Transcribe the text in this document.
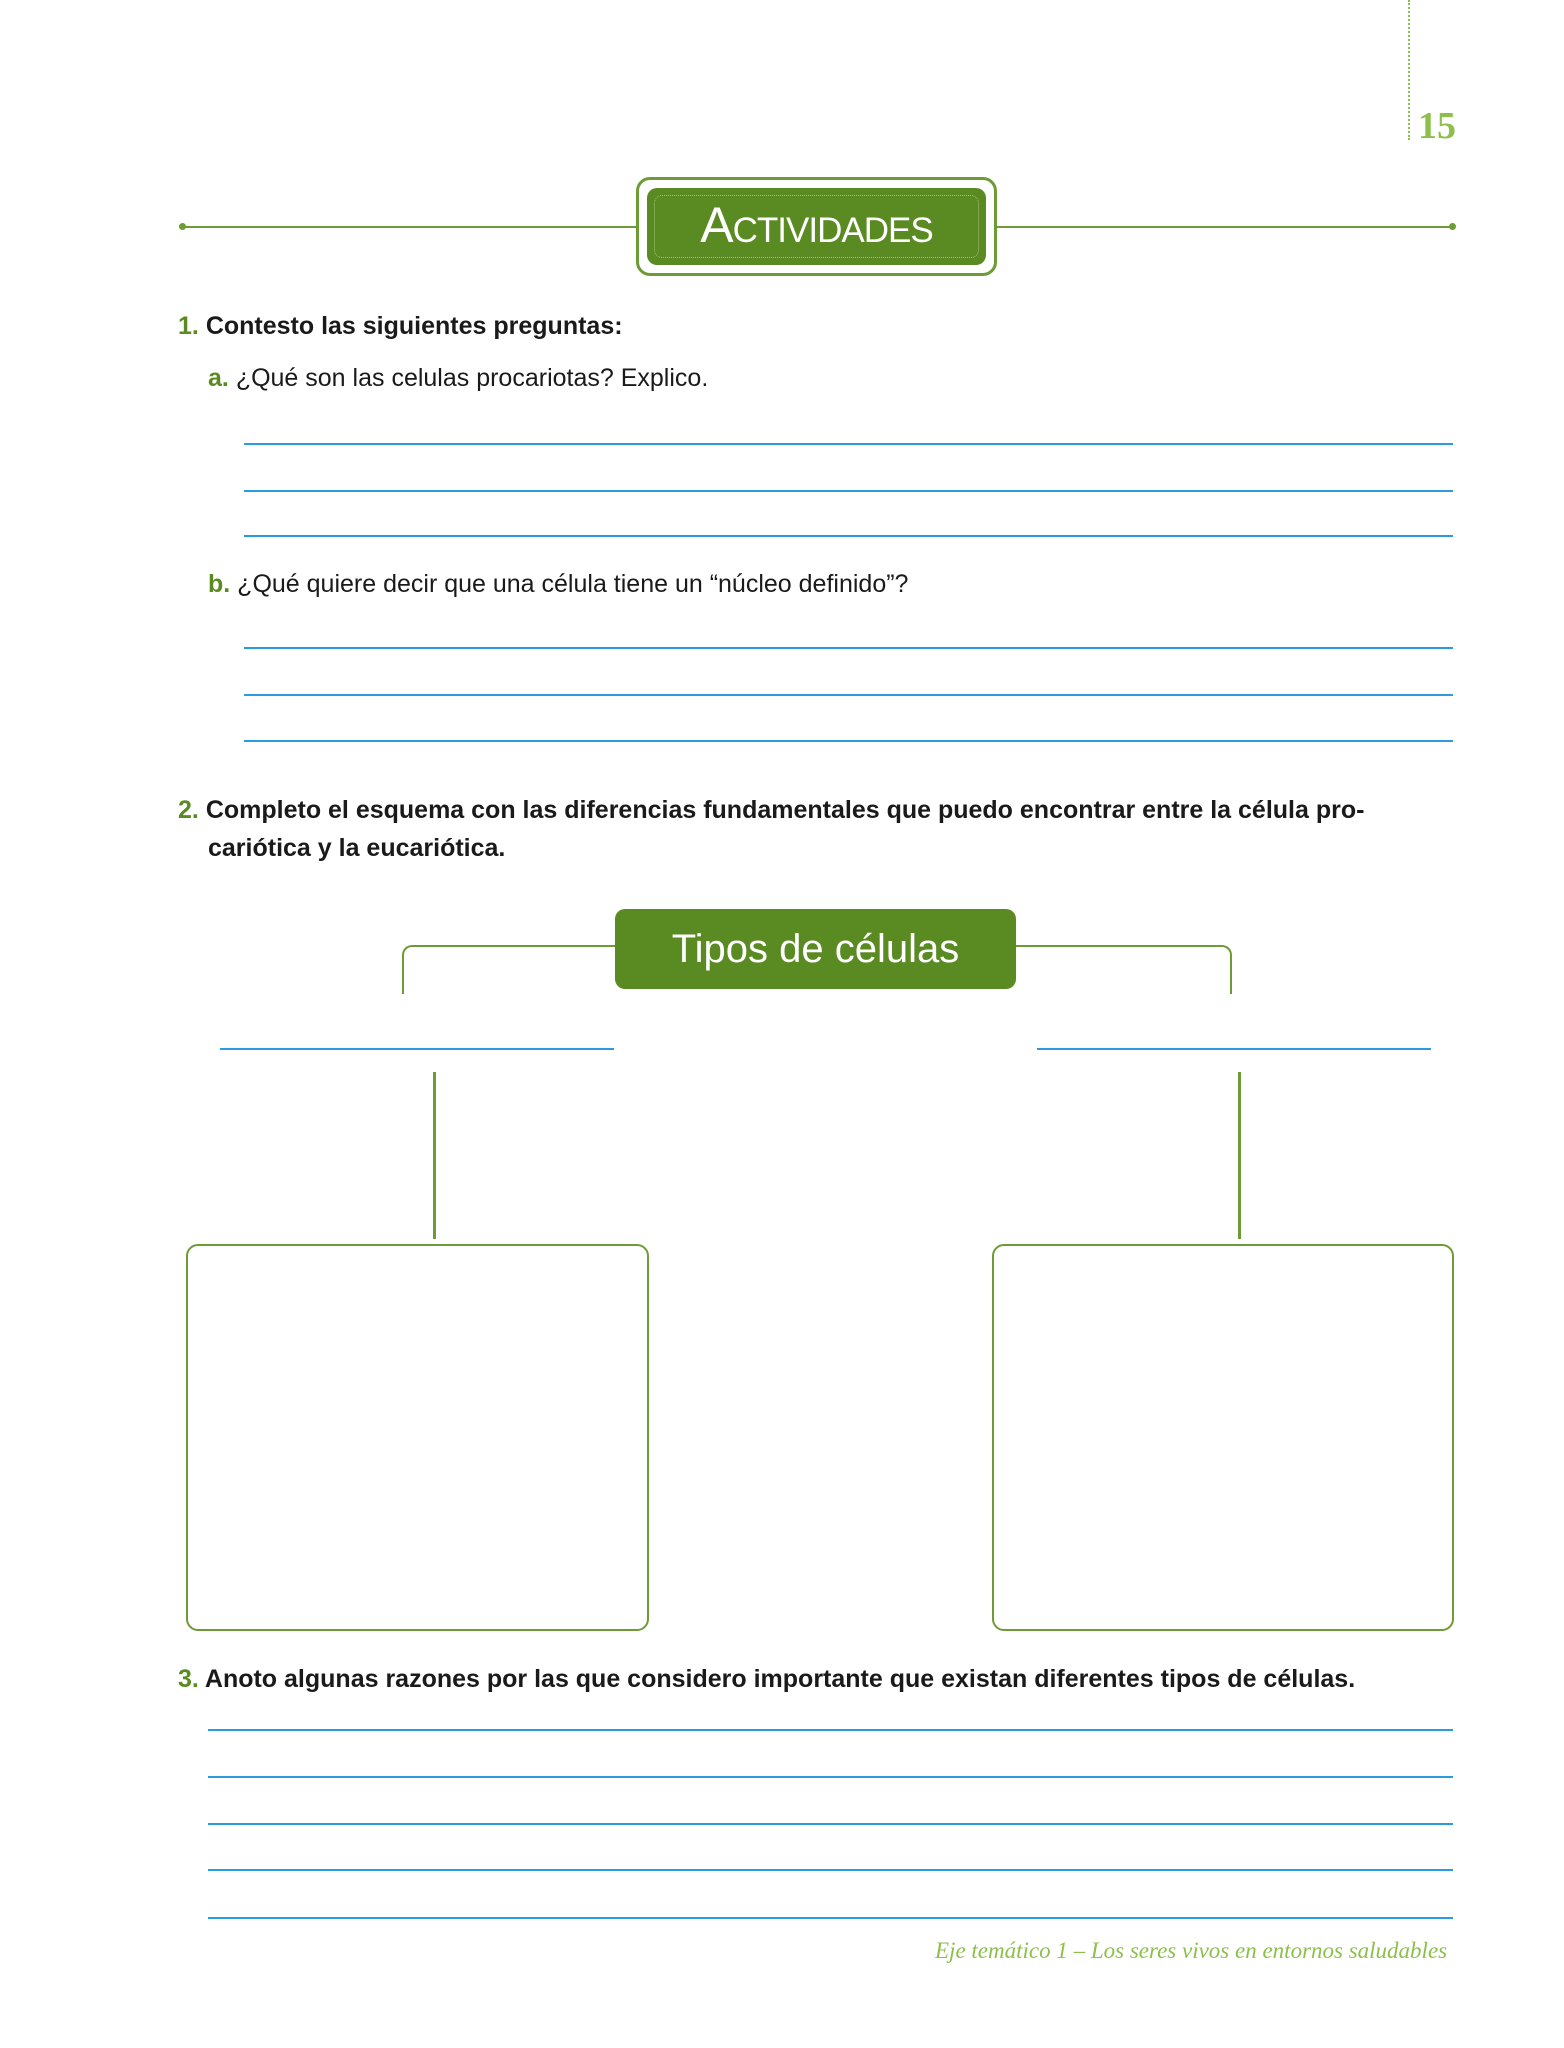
15
Actividades
1. Contesto las siguientes preguntas:
a. ¿Qué son las celulas procariotas? Explico.
b. ¿Qué quiere decir que una célula tiene un “núcleo definido”?
2. Completo el esquema con las diferencias fundamentales que puedo encontrar entre la célula pro-
cariótica y la eucariótica.
Tipos de células
3. Anoto algunas razones por las que considero importante que existan diferentes tipos de células.
Eje temático 1 – Los seres vivos en entornos saludables
